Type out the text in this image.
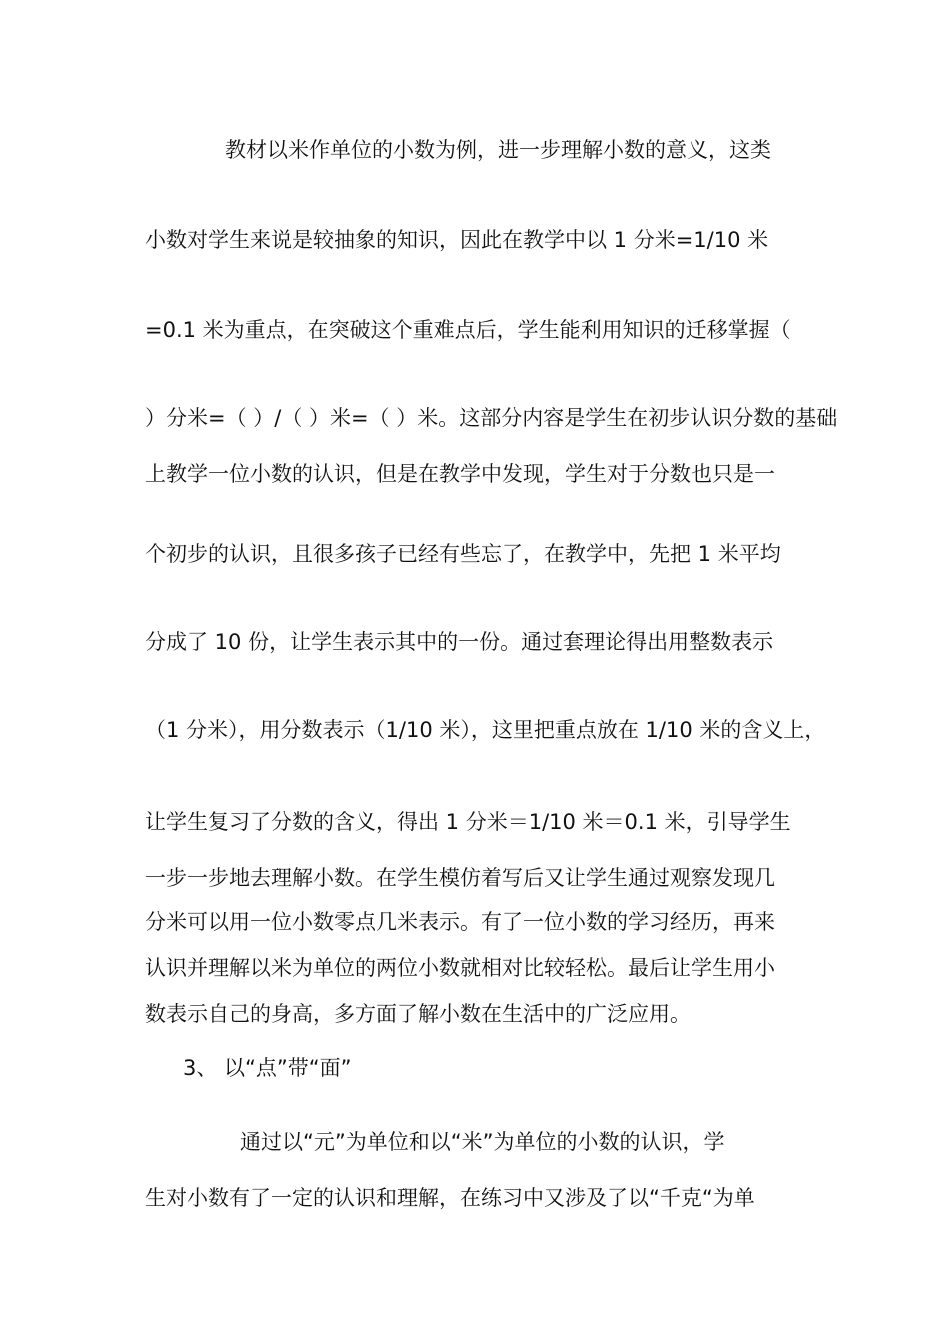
教材以米作单位的小数为例，进一步理解小数的意义，这类
小数对学生来说是较抽象的知识，因此在教学中以 1 分米=1/10 米
=0.1 米为重点，在突破这个重难点后，学生能利用知识的迁移掌握（
）分米=（ ）/（ ）米=（ ）米。这部分内容是学生在初步认识分数的基础
上教学一位小数的认识，但是在教学中发现，学生对于分数也只是一
个初步的认识，且很多孩子已经有些忘了，在教学中，先把 1 米平均
分成了 10 份，让学生表示其中的一份。通过套理论得出用整数表示
（1 分米），用分数表示（1/10 米），这里把重点放在 1/10 米的含义上，
让学生复习了分数的含义，得出 1 分米＝1/10 米＝0.1 米，引导学生
一步一步地去理解小数。在学生模仿着写后又让学生通过观察发现几
分米可以用一位小数零点几米表示。有了一位小数的学习经历，再来
认识并理解以米为单位的两位小数就相对比较轻松。最后让学生用小
数表示自己的身高，多方面了解小数在生活中的广泛应用。
3、 以“点”带“面”
通过以“元”为单位和以“米”为单位的小数的认识，学
生对小数有了一定的认识和理解，在练习中又涉及了以“千克“为单
